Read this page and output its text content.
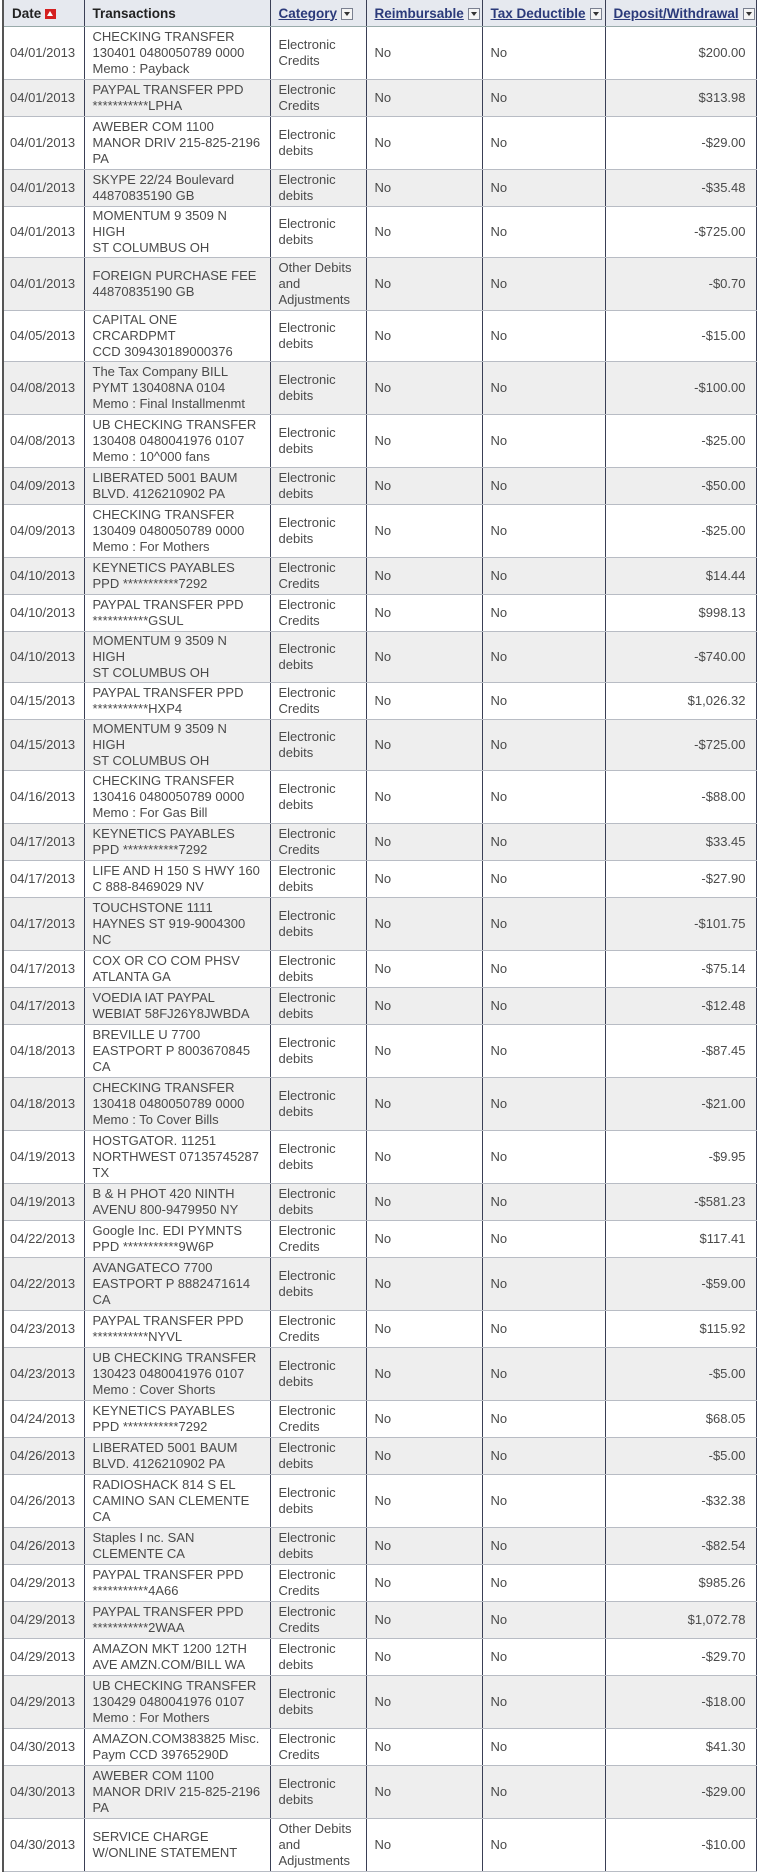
Date	Transactions	Category	Reimbursable	Tax Deductible	Deposit/Withdrawal
04/01/2013	CHECKING TRANSFER
130401 0480050789 0000
Memo : Payback	Electronic
Credits	No	No	$200.00
04/01/2013	PAYPAL TRANSFER PPD
***********LPHA	Electronic
Credits	No	No	$313.98
04/01/2013	AWEBER COM 1100
MANOR DRIV 215-825-2196
PA	Electronic
debits	No	No	-$29.00
04/01/2013	SKYPE 22/24 Boulevard
44870835190 GB	Electronic
debits	No	No	-$35.48
04/01/2013	MOMENTUM 9 3509 N HIGH
ST COLUMBUS OH	Electronic
debits	No	No	-$725.00
04/01/2013	FOREIGN PURCHASE FEE
44870835190 GB	Other Debits
and
Adjustments	No	No	-$0.70
04/05/2013	CAPITAL ONE CRCARDPMT
CCD 309430189000376	Electronic
debits	No	No	-$15.00
04/08/2013	The Tax Company BILL
PYMT 130408NA 0104
Memo : Final Installmenmt	Electronic
debits	No	No	-$100.00
04/08/2013	UB CHECKING TRANSFER
130408 0480041976 0107
Memo : 10^000 fans	Electronic
debits	No	No	-$25.00
04/09/2013	LIBERATED 5001 BAUM
BLVD. 4126210902 PA	Electronic
debits	No	No	-$50.00
04/09/2013	CHECKING TRANSFER
130409 0480050789 0000
Memo : For Mothers	Electronic
debits	No	No	-$25.00
04/10/2013	KEYNETICS PAYABLES
PPD ***********7292	Electronic
Credits	No	No	$14.44
04/10/2013	PAYPAL TRANSFER PPD
***********GSUL	Electronic
Credits	No	No	$998.13
04/10/2013	MOMENTUM 9 3509 N HIGH
ST COLUMBUS OH	Electronic
debits	No	No	-$740.00
04/15/2013	PAYPAL TRANSFER PPD
***********HXP4	Electronic
Credits	No	No	$1,026.32
04/15/2013	MOMENTUM 9 3509 N HIGH
ST COLUMBUS OH	Electronic
debits	No	No	-$725.00
04/16/2013	CHECKING TRANSFER
130416 0480050789 0000
Memo : For Gas Bill	Electronic
debits	No	No	-$88.00
04/17/2013	KEYNETICS PAYABLES
PPD ***********7292	Electronic
Credits	No	No	$33.45
04/17/2013	LIFE AND H 150 S HWY 160
C 888-8469029 NV	Electronic
debits	No	No	-$27.90
04/17/2013	TOUCHSTONE 1111
HAYNES ST 919-9004300
NC	Electronic
debits	No	No	-$101.75
04/17/2013	COX OR CO COM PHSV
ATLANTA GA	Electronic
debits	No	No	-$75.14
04/17/2013	VOEDIA IAT PAYPAL
WEBIAT 58FJ26Y8JWBDA	Electronic
debits	No	No	-$12.48
04/18/2013	BREVILLE U 7700
EASTPORT P 8003670845
CA	Electronic
debits	No	No	-$87.45
04/18/2013	CHECKING TRANSFER
130418 0480050789 0000
Memo : To Cover Bills	Electronic
debits	No	No	-$21.00
04/19/2013	HOSTGATOR. 11251
NORTHWEST 07135745287
TX	Electronic
debits	No	No	-$9.95
04/19/2013	B & H PHOT 420 NINTH
AVENU 800-9479950 NY	Electronic
debits	No	No	-$581.23
04/22/2013	Google Inc. EDI PYMNTS
PPD ***********9W6P	Electronic
Credits	No	No	$117.41
04/22/2013	AVANGATECO 7700
EASTPORT P 8882471614
CA	Electronic
debits	No	No	-$59.00
04/23/2013	PAYPAL TRANSFER PPD
***********NYVL	Electronic
Credits	No	No	$115.92
04/23/2013	UB CHECKING TRANSFER
130423 0480041976 0107
Memo : Cover Shorts	Electronic
debits	No	No	-$5.00
04/24/2013	KEYNETICS PAYABLES
PPD ***********7292	Electronic
Credits	No	No	$68.05
04/26/2013	LIBERATED 5001 BAUM
BLVD. 4126210902 PA	Electronic
debits	No	No	-$5.00
04/26/2013	RADIOSHACK 814 S EL
CAMINO SAN CLEMENTE
CA	Electronic
debits	No	No	-$32.38
04/26/2013	Staples I nc. SAN
CLEMENTE CA	Electronic
debits	No	No	-$82.54
04/29/2013	PAYPAL TRANSFER PPD
***********4A66	Electronic
Credits	No	No	$985.26
04/29/2013	PAYPAL TRANSFER PPD
***********2WAA	Electronic
Credits	No	No	$1,072.78
04/29/2013	AMAZON MKT 1200 12TH
AVE AMZN.COM/BILL WA	Electronic
debits	No	No	-$29.70
04/29/2013	UB CHECKING TRANSFER
130429 0480041976 0107
Memo : For Mothers	Electronic
debits	No	No	-$18.00
04/30/2013	AMAZON.COM383825 Misc.
Paym CCD 39765290D	Electronic
Credits	No	No	$41.30
04/30/2013	AWEBER COM 1100
MANOR DRIV 215-825-2196
PA	Electronic
debits	No	No	-$29.00
04/30/2013	SERVICE CHARGE
W/ONLINE STATEMENT	Other Debits
and
Adjustments	No	No	-$10.00
